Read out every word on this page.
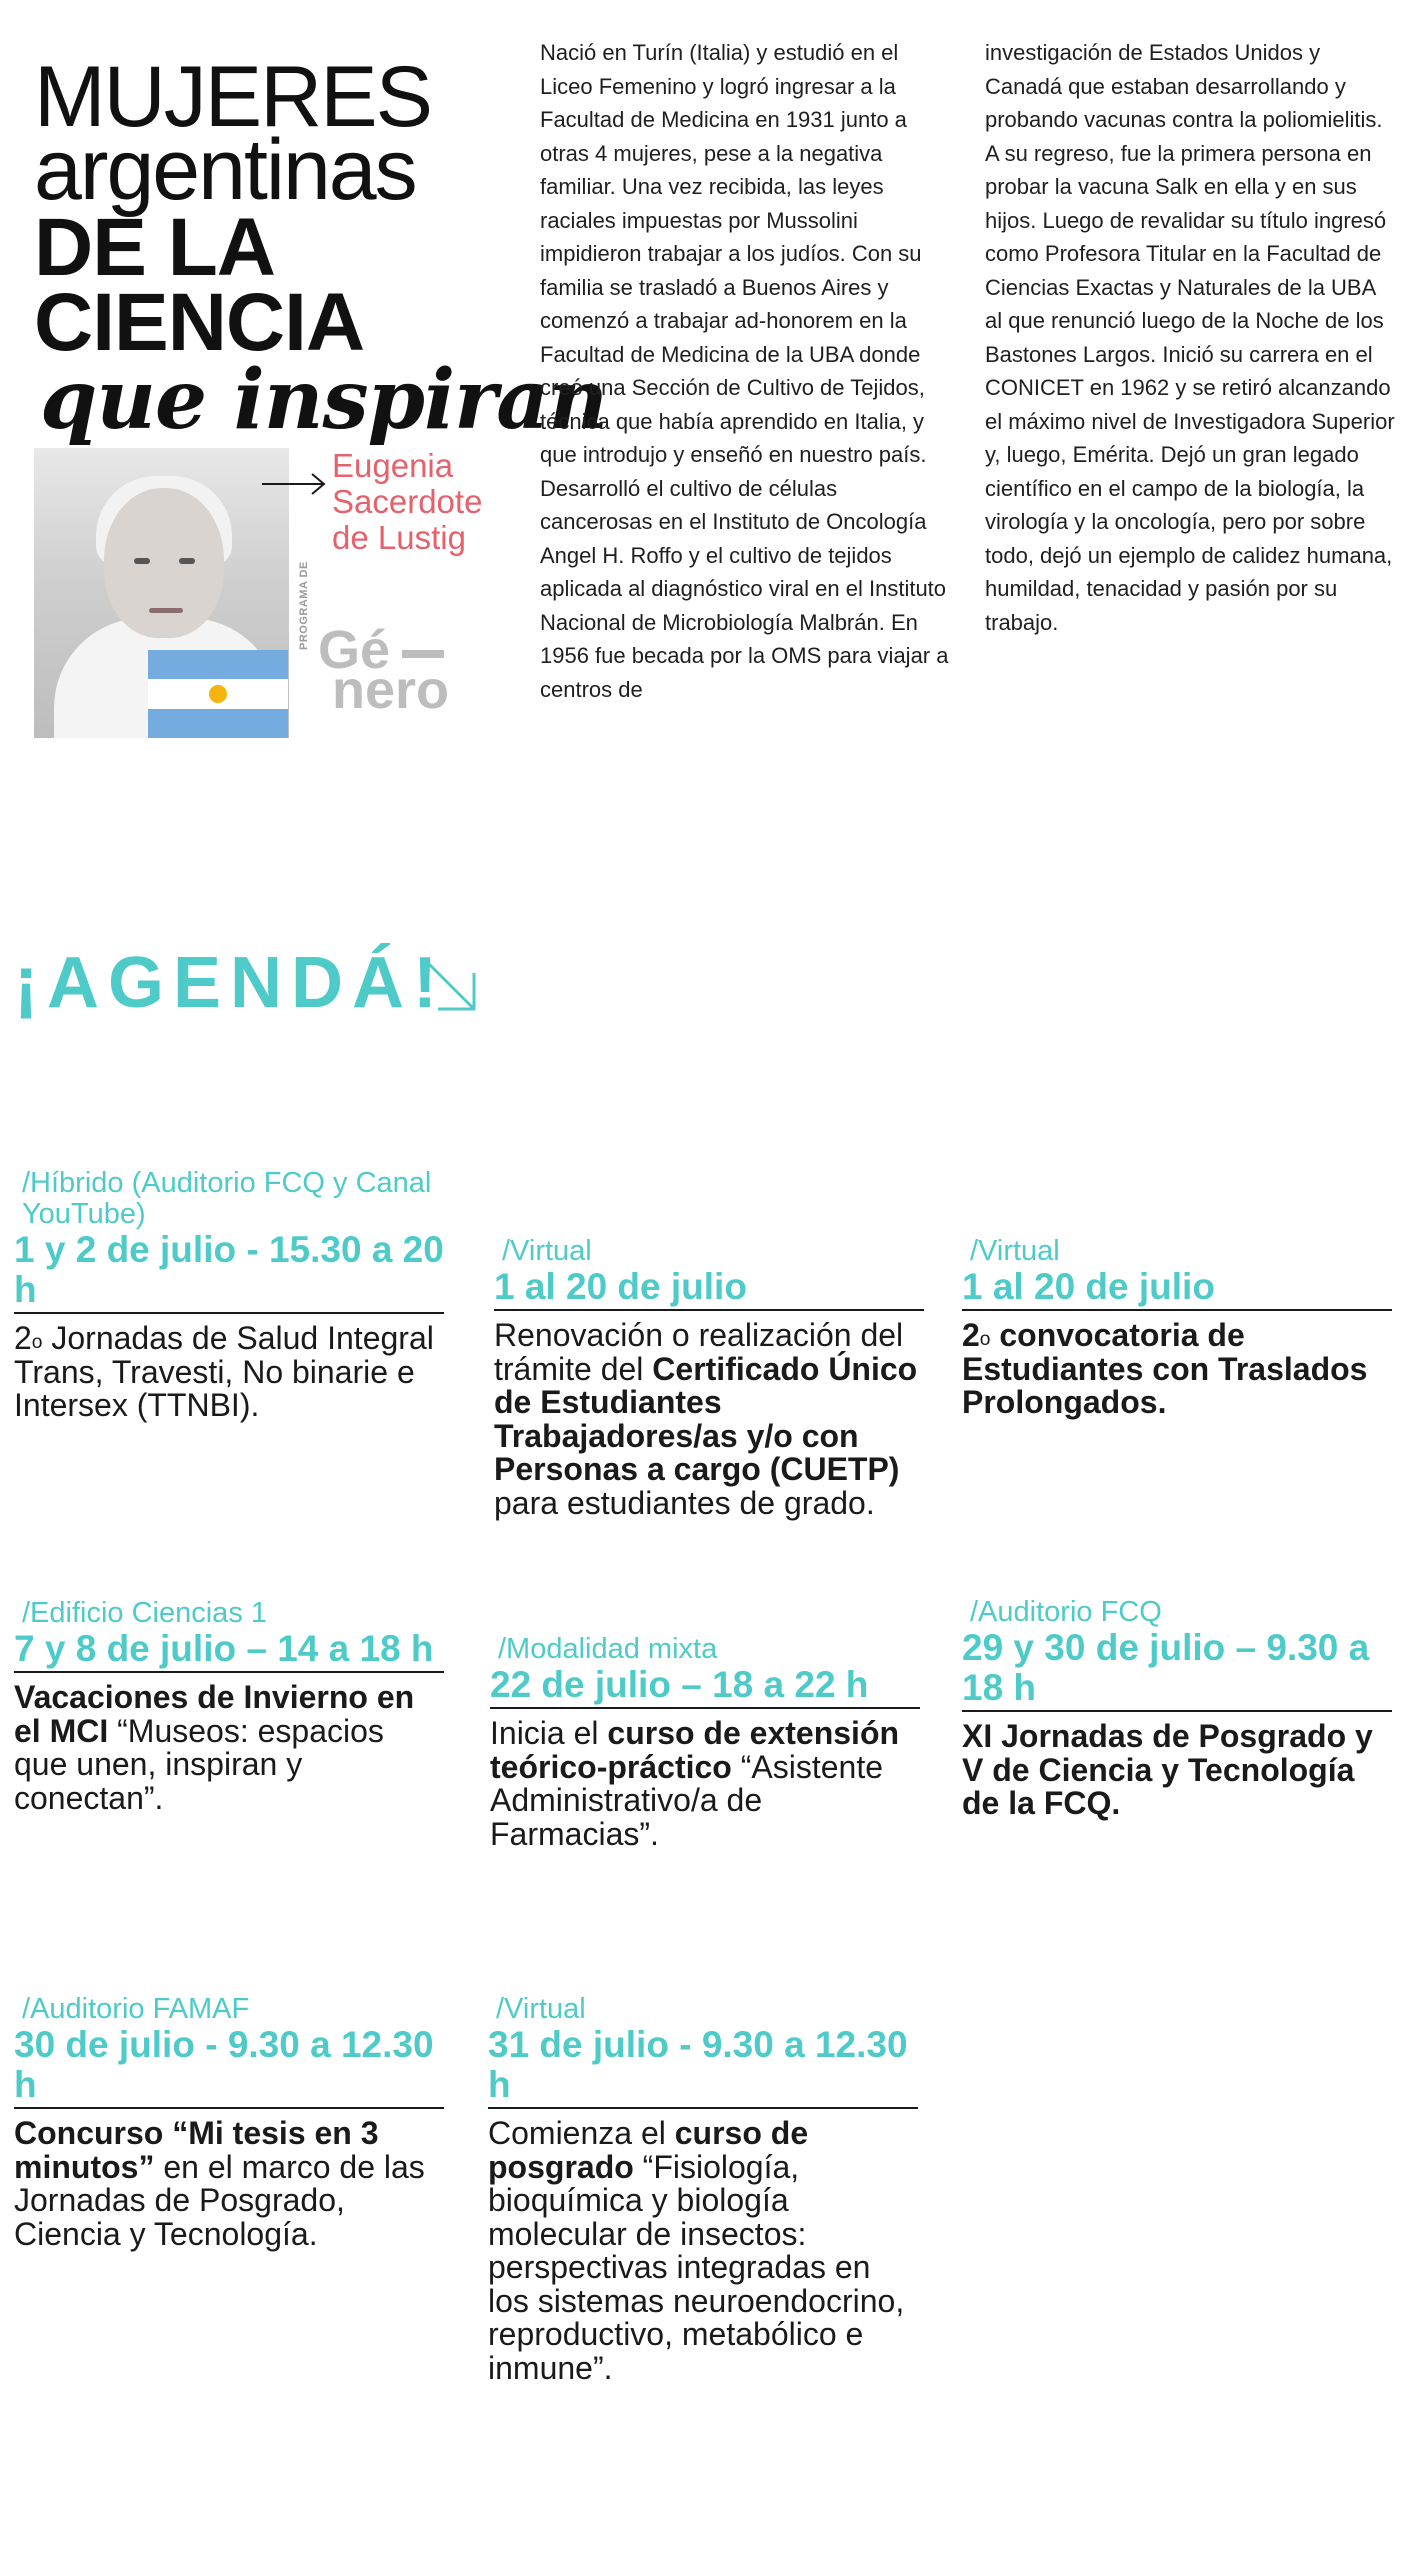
MUJERES
argentinas
DE LA
CIENCIA
que inspiran
Eugenia
Sacerdote
de Lustig
PROGRAMA DE Gé
nero

Nació en Turín (Italia) y estudió en el Liceo Femenino y logró ingresar a la Facultad de Medicina en 1931 junto a otras 4 mujeres, pese a la negativa familiar. Una vez recibida, las leyes raciales impuestas por Mussolini impidieron trabajar a los judíos. Con su familia se trasladó a Buenos Aires y comenzó a trabajar ad-honorem en la Facultad de Medicina de la UBA donde creó una Sección de Cultivo de Tejidos, técnica que había aprendido en Italia, y que introdujo y enseñó en nuestro país. Desarrolló el cultivo de células cancerosas en el Instituto de Oncología Angel H. Roffo y el cultivo de tejidos aplicada al diagnóstico viral en el Instituto Nacional de Microbiología Malbrán. En 1956 fue becada por la OMS para viajar a centros de

investigación de Estados Unidos y Canadá que estaban desarrollando y probando vacunas contra la poliomielitis. A su regreso, fue la primera persona en probar la vacuna Salk en ella y en sus hijos. Luego de revalidar su título ingresó como Profesora Titular en la Facultad de Ciencias Exactas y Naturales de la UBA al que renunció luego de la Noche de los Bastones Largos. Inició su carrera en el CONICET en 1962 y se retiró alcanzando el máximo nivel de Investigadora Superior y, luego, Emérita. Dejó un gran legado científico en el campo de la biología, la virología y la oncología, pero por sobre todo, dejó un ejemplo de calidez humana, humildad, tenacidad y pasión por su trabajo.

¡AGENDÁ!
/Híbrido (Auditorio FCQ y Canal YouTube)
1 y 2 de julio - 15.30 a 20 h
2$^o$ Jornadas de Salud Integral Trans, Travesti, No binarie e Intersex (TTNBI).
/Virtual
1 al 20 de julio
Renovación o realización del trámite del Certificado Único de Estudiantes Trabajadores/as y/o con Personas a cargo (CUETP) para estudiantes de grado.
/Virtual
1 al 20 de julio
2$^o$ convocatoria de Estudiantes con Traslados Prolongados.
/Edificio Ciencias 1
7 y 8 de julio – 14 a 18 h
Vacaciones de Invierno en el MCI “Museos: espacios que unen, inspiran y conectan”.
/Modalidad mixta
22 de julio – 18 a 22 h
Inicia el curso de extensión teórico-práctico “Asistente Administrativo/a de Farmacias”.
/Auditorio FCQ
29 y 30 de julio – 9.30 a 18 h
XI Jornadas de Posgrado y V de Ciencia y Tecnología de la FCQ.
/Auditorio FAMAF
30 de julio - 9.30 a 12.30 h
Concurso “Mi tesis en 3 minutos” en el marco de las Jornadas de Posgrado, Ciencia y Tecnología.
/Virtual
31 de julio - 9.30 a 12.30 h
Comienza el curso de posgrado “Fisiología, bioquímica y biología molecular de insectos: perspectivas integradas en los sistemas neuroendocrino, reproductivo, metabólico e inmune”.
